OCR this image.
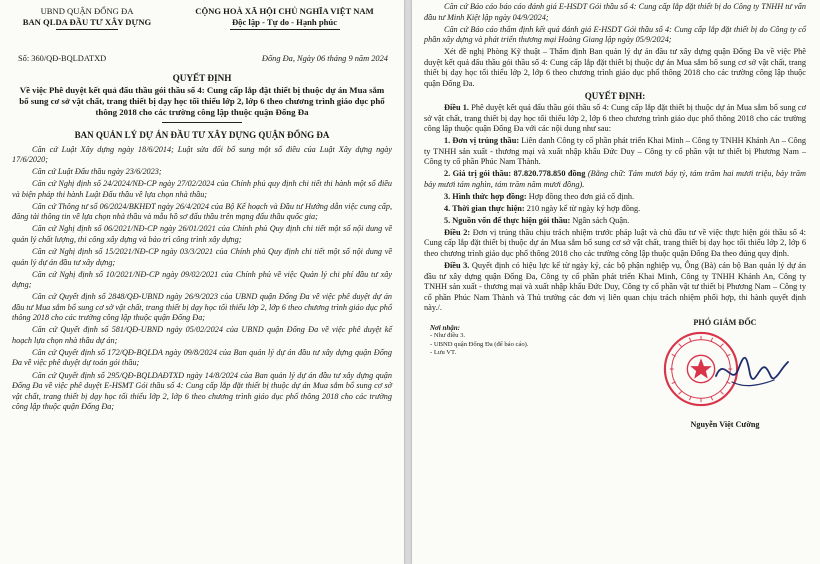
UBND QUẬN ĐỐNG ĐA
BAN QLDA ĐẦU TƯ XÂY DỰNG
CỘNG HOÀ XÃ HỘI CHỦ NGHĨA VIỆT NAM
Độc lập - Tự do - Hạnh phúc
Số: 360/QĐ-BQLDATXD	Đống Đa, Ngày 06 tháng 9 năm 2024
QUYẾT ĐỊNH
Về việc Phê duyệt kết quả đấu thầu gói thầu số 4: Cung cấp lắp đặt thiết bị thuộc dự án Mua sắm bổ sung cơ sở vật chất, trang thiết bị dạy học tối thiểu lớp 2, lớp 6 theo chương trình giáo dục phổ thông 2018 cho các trường công lập thuộc quận Đống Đa
BAN QUẢN LÝ DỰ ÁN ĐẦU TƯ XÂY DỰNG QUẬN ĐỐNG ĐA

Căn cứ Luật Xây dựng ngày 18/6/2014; Luật sửa đổi bổ sung một số điều của Luật Xây dựng ngày 17/6/2020;

Căn cứ Luật Đấu thầu ngày 23/6/2023;

Căn cứ Nghị định số 24/2024/NĐ-CP ngày 27/02/2024 của Chính phủ quy định chi tiết thi hành một số điều và biện pháp thi hành Luật Đấu thầu về lựa chọn nhà thầu;

Căn cứ Thông tư số 06/2024/BKHĐT ngày 26/4/2024 của Bộ Kế hoạch và Đầu tư Hướng dẫn việc cung cấp, đăng tải thông tin về lựa chọn nhà thầu và mẫu hồ sơ đấu thầu trên mạng đấu thầu quốc gia;

Căn cứ Nghị định số 06/2021/NĐ-CP ngày 26/01/2021 của Chính phủ Quy định chi tiết một số nội dung về quản lý chất lượng, thi công xây dựng và bảo trì công trình xây dựng;

Căn cứ Nghị định số 15/2021/NĐ-CP ngày 03/3/2021 của Chính phủ Quy định chi tiết một số nội dung về quản lý dự án đầu tư xây dựng;

Căn cứ Nghị định số 10/2021/NĐ-CP ngày 09/02/2021 của Chính phủ về việc Quản lý chi phí đầu tư xây dựng;

Căn cứ Quyết định số 2848/QĐ-UBND ngày 26/9/2023 của UBND quận Đống Đa về việc phê duyệt dự án đầu tư Mua sắm bổ sung cơ sở vật chất, trang thiết bị dạy học tối thiểu lớp 2, lớp 6 theo chương trình giáo dục phổ thông 2018 cho các trường công lập thuộc quận Đống Đa;

Căn cứ Quyết định số 581/QĐ-UBND ngày 05/02/2024 của UBND quận Đống Đa về việc phê duyệt kế hoạch lựa chọn nhà thầu dự án;

Căn cứ Quyết định số 172/QĐ-BQLDA ngày 09/8/2024 của Ban quản lý dự án đầu tư xây dựng quận Đống Đa về việc phê duyệt dự toán gói thầu;

Căn cứ Quyết định số 295/QĐ-BQLDAĐTXD ngày 14/8/2024 của Ban quản lý dự án đầu tư xây dựng quận Đống Đa về việc phê duyệt E-HSMT Gói thầu số 4: Cung cấp lắp đặt thiết bị thuộc dự án Mua sắm bổ sung cơ sở vật chất, trang thiết bị dạy học tối thiểu lớp 2, lớp 6 theo chương trình giáo dục phổ thông 2018 cho các trường công lập thuộc quận Đống Đa;

Căn cứ Báo cáo báo cáo đánh giá E-HSDT Gói thầu số 4: Cung cấp lắp đặt thiết bị do Công ty TNHH tư vấn đầu tư Minh Kiệt lập ngày 04/9/2024;

Căn cứ Báo cáo thẩm định kết quả đánh giá E-HSDT Gói thầu số 4: Cung cấp lắp đặt thiết bị do Công ty cổ phần xây dựng và phát triển thương mại Hoàng Giang lập ngày 05/9/2024;

Xét đề nghị Phòng Kỹ thuật – Thẩm định Ban quản lý dự án đầu tư xây dựng quận Đống Đa về việc Phê duyệt kết quả đấu thầu gói thầu số 4: Cung cấp lắp đặt thiết bị thuộc dự án Mua sắm bổ sung cơ sở vật chất, trang thiết bị dạy học tối thiểu lớp 2, lớp 6 theo chương trình giáo dục phổ thông 2018 cho các trường công lập thuộc quận Đống Đa.

QUYẾT ĐỊNH:

Điều 1. Phê duyệt kết quả đấu thầu gói thầu số 4: Cung cấp lắp đặt thiết bị thuộc dự án Mua sắm bổ sung cơ sở vật chất, trang thiết bị dạy học tối thiểu lớp 2, lớp 6 theo chương trình giáo dục phổ thông 2018 cho các trường công lập thuộc quận Đống Đa với các nội dung như sau:

1. Đơn vị trúng thầu: Liên danh Công ty cổ phần phát triển Khai Minh – Công ty TNHH Khánh An – Công ty TNHH sản xuất - thương mại và xuất nhập khẩu Đức Duy – Công ty cổ phần vật tư thiết bị Phương Nam – Công ty cổ phần Phúc Nam Thành.

2. Giá trị gói thầu: 87.820.778.850 đồng (Bằng chữ: Tám mươi bảy tỷ, tám trăm hai mươi triệu, bảy trăm bảy mươi tám nghìn, tám trăm năm mươi đồng).

3. Hình thức hợp đồng: Hợp đồng theo đơn giá cố định.

4. Thời gian thực hiện: 210 ngày kể từ ngày ký hợp đồng.

5. Nguồn vốn để thực hiện gói thầu: Ngân sách Quận.

Điều 2: Đơn vị trúng thầu chịu trách nhiệm trước pháp luật và chủ đầu tư về việc thực hiện gói thầu số 4: Cung cấp lắp đặt thiết bị thuộc dự án Mua sắm bổ sung cơ sở vật chất, trang thiết bị dạy học tối thiểu lớp 2, lớp 6 theo chương trình giáo dục phổ thông 2018 cho các trường công lập thuộc quận Đống Đa theo đúng quy định.

Điều 3. Quyết định có hiệu lực kể từ ngày ký, các bộ phận nghiệp vụ, Ông (Bà) cán bộ Ban quản lý dự án đầu tư xây dựng quận Đống Đa, Công ty cổ phần phát triển Khai Minh, Công ty TNHH Khánh An, Công ty TNHH sản xuất - thương mại và xuất nhập khẩu Đức Duy, Công ty cổ phần vật tư thiết bị Phương Nam – Công ty cổ phần Phúc Nam Thành và Thủ trưởng các đơn vị liên quan chịu trách nhiệm phối hợp, thi hành quyết định này./.

Nơi nhận:
- Như điều 3.
- UBND quận Đống Đa (để báo cáo).
- Lưu VT.
PHÓ GIÁM ĐỐC
Nguyễn Việt Cường
